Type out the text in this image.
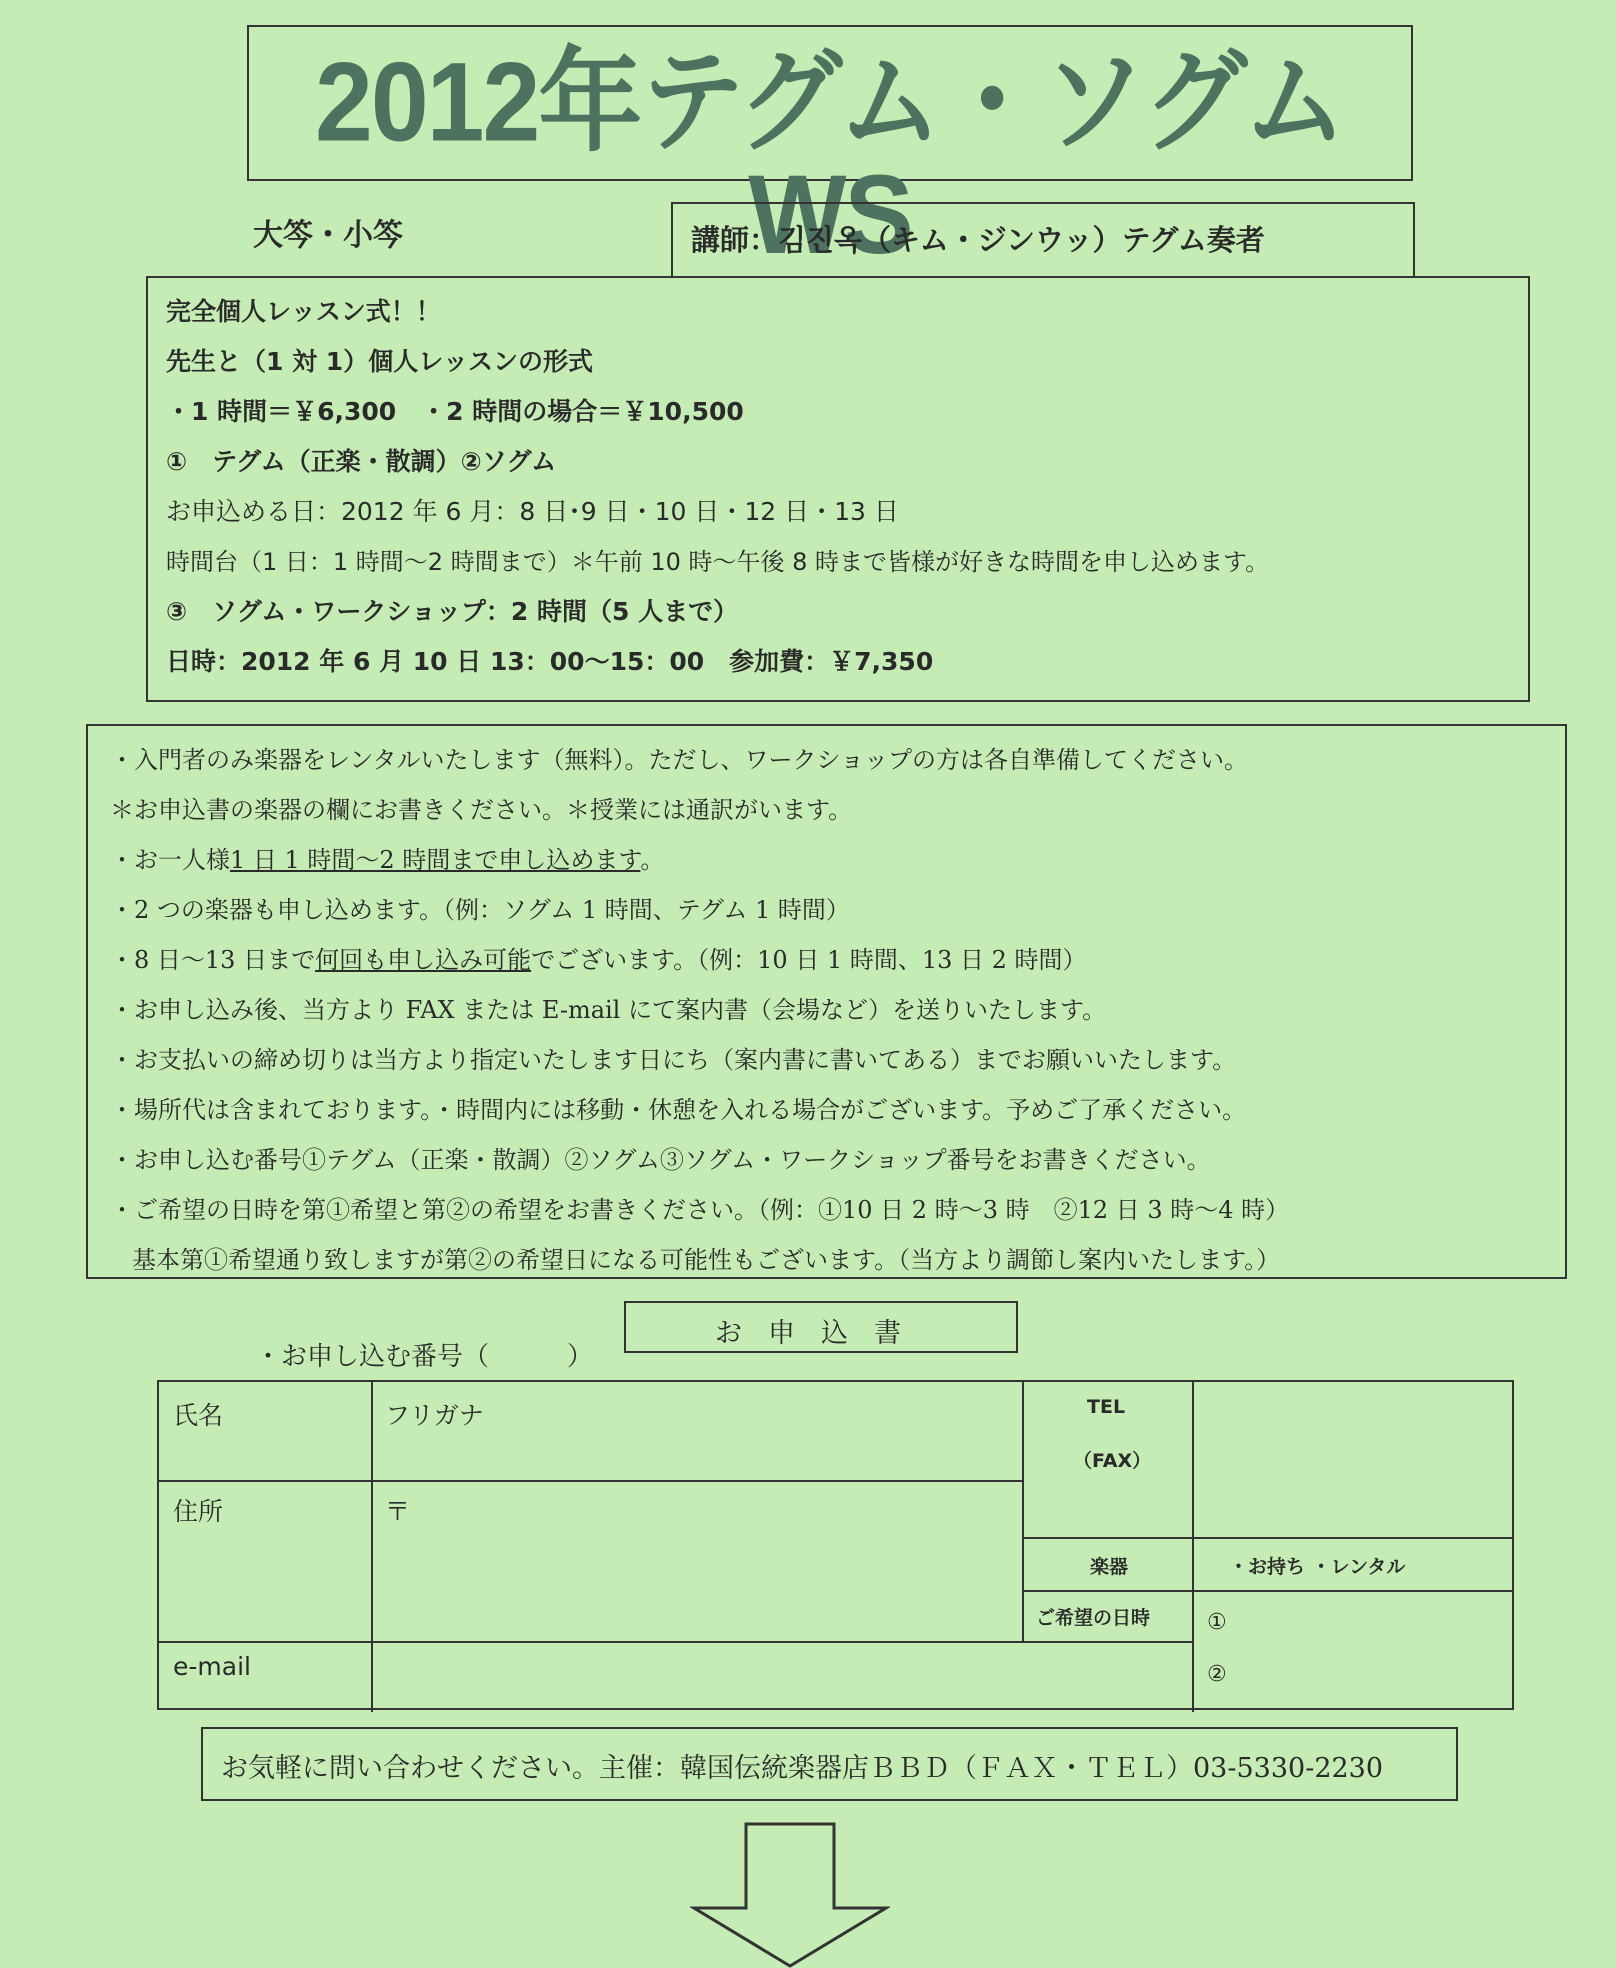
2012年テグム・ソグムWS
大笒・小笒	講師：김진옥（キム・ジンウッ）テグム奏者
完全個人レッスン式！！
先生と（1 対 1）個人レッスンの形式
・1 時間＝￥6,300　・2 時間の場合＝￥10,500
①　テグム（正楽・散調）②ソグム
お申込める日：2012 年 6 月：8 日･9 日・10 日・12 日・13 日
時間台（1 日：1 時間～2 時間まで）＊午前 10 時～午後 8 時まで皆様が好きな時間を申し込めます。
③　ソグム・ワークショップ：2 時間（5 人まで）
日時：2012 年 6 月 10 日 13：00～15：00　参加費：￥7,350
・入門者のみ楽器をレンタルいたします（無料）。ただし、ワークショップの方は各自準備してください。
＊お申込書の楽器の欄にお書きください。＊授業には通訳がいます。
・お一人様1 日 1 時間～2 時間まで申し込めます。
・2 つの楽器も申し込めます。（例：ソグム 1 時間、テグム 1 時間）
・8 日～13 日まで何回も申し込み可能でございます。（例：10 日 1 時間、13 日 2 時間）
・お申し込み後、当方より FAX または E-mail にて案内書（会場など）を送りいたします。
・お支払いの締め切りは当方より指定いたします日にち（案内書に書いてある）までお願いいたします。
・場所代は含まれております。・時間内には移動・休憩を入れる場合がございます。予めご了承ください。
・お申し込む番号①テグム（正楽・散調）②ソグム③ソグム・ワークショップ番号をお書きください。
・ご希望の日時を第①希望と第②の希望をお書きください。（例：①10 日 2 時～3 時　②12 日 3 時～4 時）
基本第①希望通り致しますが第②の希望日になる可能性もございます。（当方より調節し案内いたします。）
・お申し込む番号（　　　）
お申込書
氏名	フリガナ	TEL
（FAX）
住所	〒
楽器	・お持ち ・レンタル
ご希望の日時	①
②
e-mail
お気軽に問い合わせください。主催：韓国伝統楽器店ＢＢＤ（ＦＡＸ・ＴＥＬ）03-5330-2230
